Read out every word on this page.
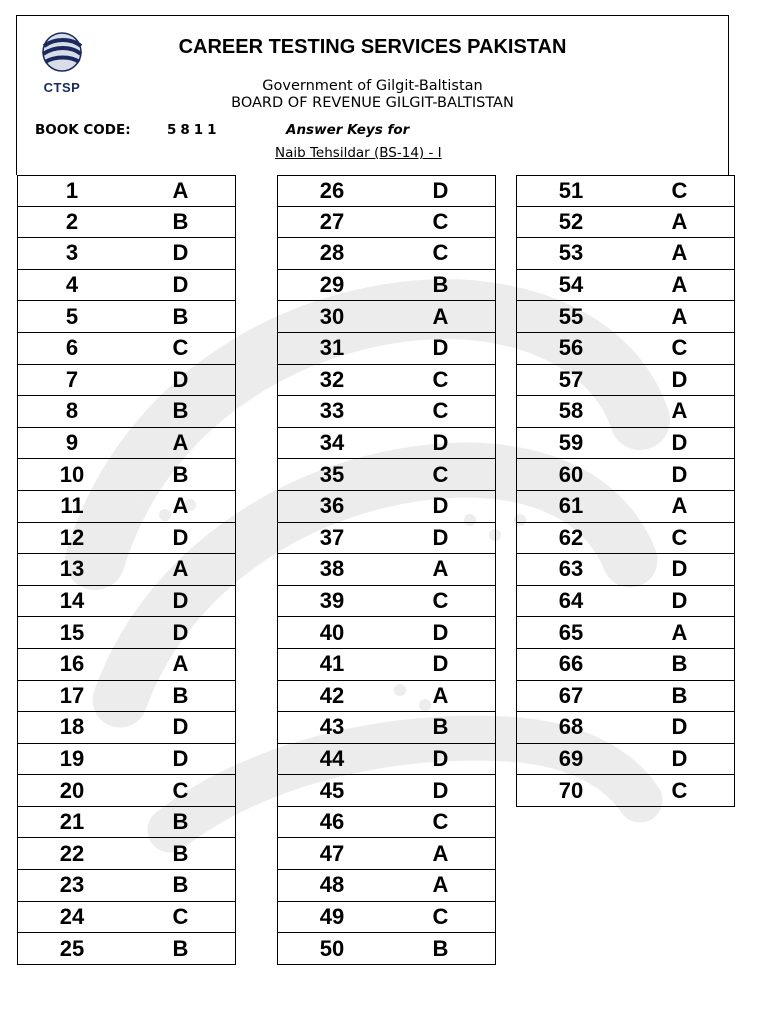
CTSP
CAREER TESTING SERVICES PAKISTAN
Government of Gilgit-Baltistan
BOARD OF REVENUE GILGIT-BALTISTAN
BOOK CODE:	5811	Answer Keys for
Naib Tehsildar (BS-14) - I
1	A
2	B
3	D
4	D
5	B
6	C
7	D
8	B
9	A
10	B
11	A
12	D
13	A
14	D
15	D
16	A
17	B
18	D
19	D
20	C
21	B
22	B
23	B
24	C
25	B
26	D
27	C
28	C
29	B
30	A
31	D
32	C
33	C
34	D
35	C
36	D
37	D
38	A
39	C
40	D
41	D
42	A
43	B
44	D
45	D
46	C
47	A
48	A
49	C
50	B
51	C
52	A
53	A
54	A
55	A
56	C
57	D
58	A
59	D
60	D
61	A
62	C
63	D
64	D
65	A
66	B
67	B
68	D
69	D
70	C
